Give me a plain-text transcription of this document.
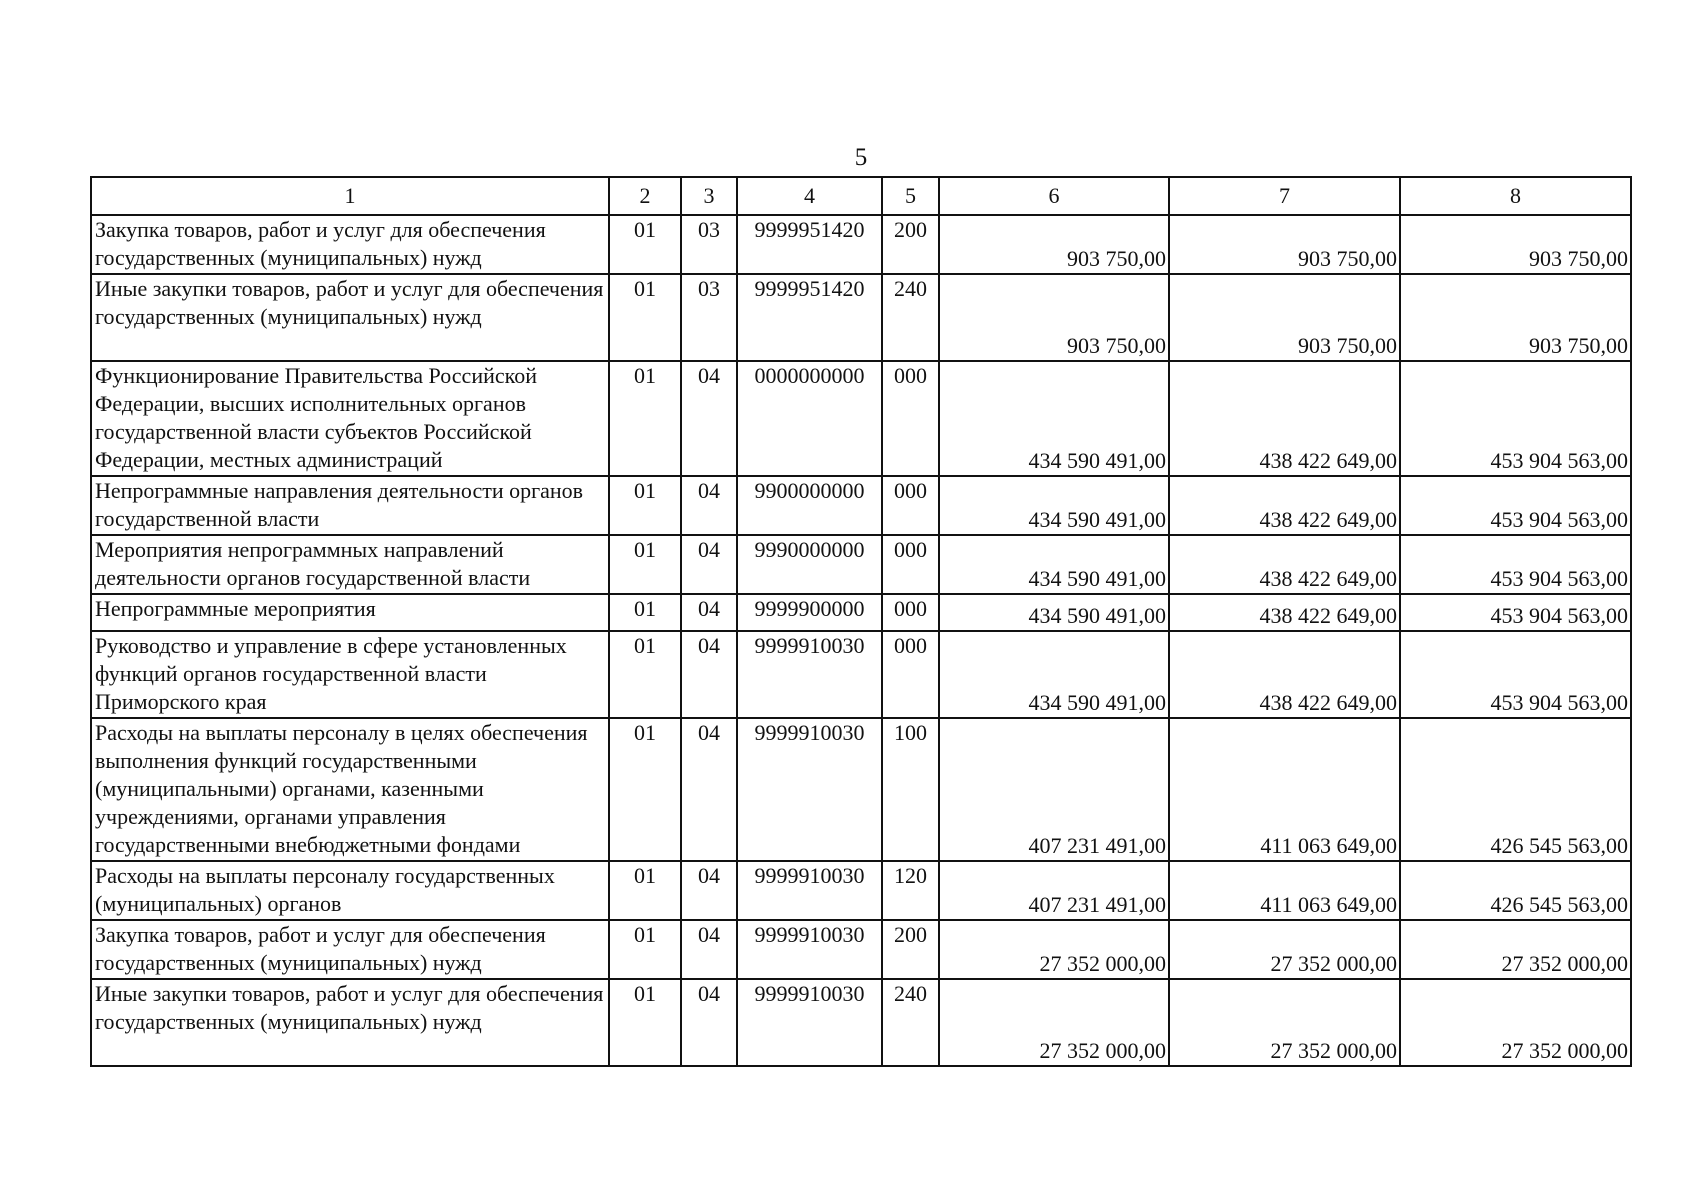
5
1	2	3	4	5	6	7	8
Закупка товаров, работ и услуг для обеспечения государственных (муниципальных) нужд	01	03	9999951420	200	903 750,00	903 750,00	903 750,00
Иные закупки товаров, работ и услуг для обеспечения государственных (муниципальных) нужд	01	03	9999951420	240	903 750,00	903 750,00	903 750,00
Функционирование Правительства Российской Федерации, высших исполнительных органов государственной власти субъектов Российской Федерации, местных администраций	01	04	0000000000	000	434 590 491,00	438 422 649,00	453 904 563,00
Непрограммные направления деятельности органов государственной власти	01	04	9900000000	000	434 590 491,00	438 422 649,00	453 904 563,00
Мероприятия непрограммных направлений деятельности органов государственной власти	01	04	9990000000	000	434 590 491,00	438 422 649,00	453 904 563,00
Непрограммные мероприятия	01	04	9999900000	000	434 590 491,00	438 422 649,00	453 904 563,00
Руководство и управление в сфере установленных функций органов государственной власти Приморского края	01	04	9999910030	000	434 590 491,00	438 422 649,00	453 904 563,00
Расходы на выплаты персоналу в целях обеспечения выполнения функций государственными (муниципальными) органами, казенными учреждениями, органами управления государственными внебюджетными фондами	01	04	9999910030	100	407 231 491,00	411 063 649,00	426 545 563,00
Расходы на выплаты персоналу государственных (муниципальных) органов	01	04	9999910030	120	407 231 491,00	411 063 649,00	426 545 563,00
Закупка товаров, работ и услуг для обеспечения государственных (муниципальных) нужд	01	04	9999910030	200	27 352 000,00	27 352 000,00	27 352 000,00
Иные закупки товаров, работ и услуг для обеспечения государственных (муниципальных) нужд	01	04	9999910030	240	27 352 000,00	27 352 000,00	27 352 000,00
